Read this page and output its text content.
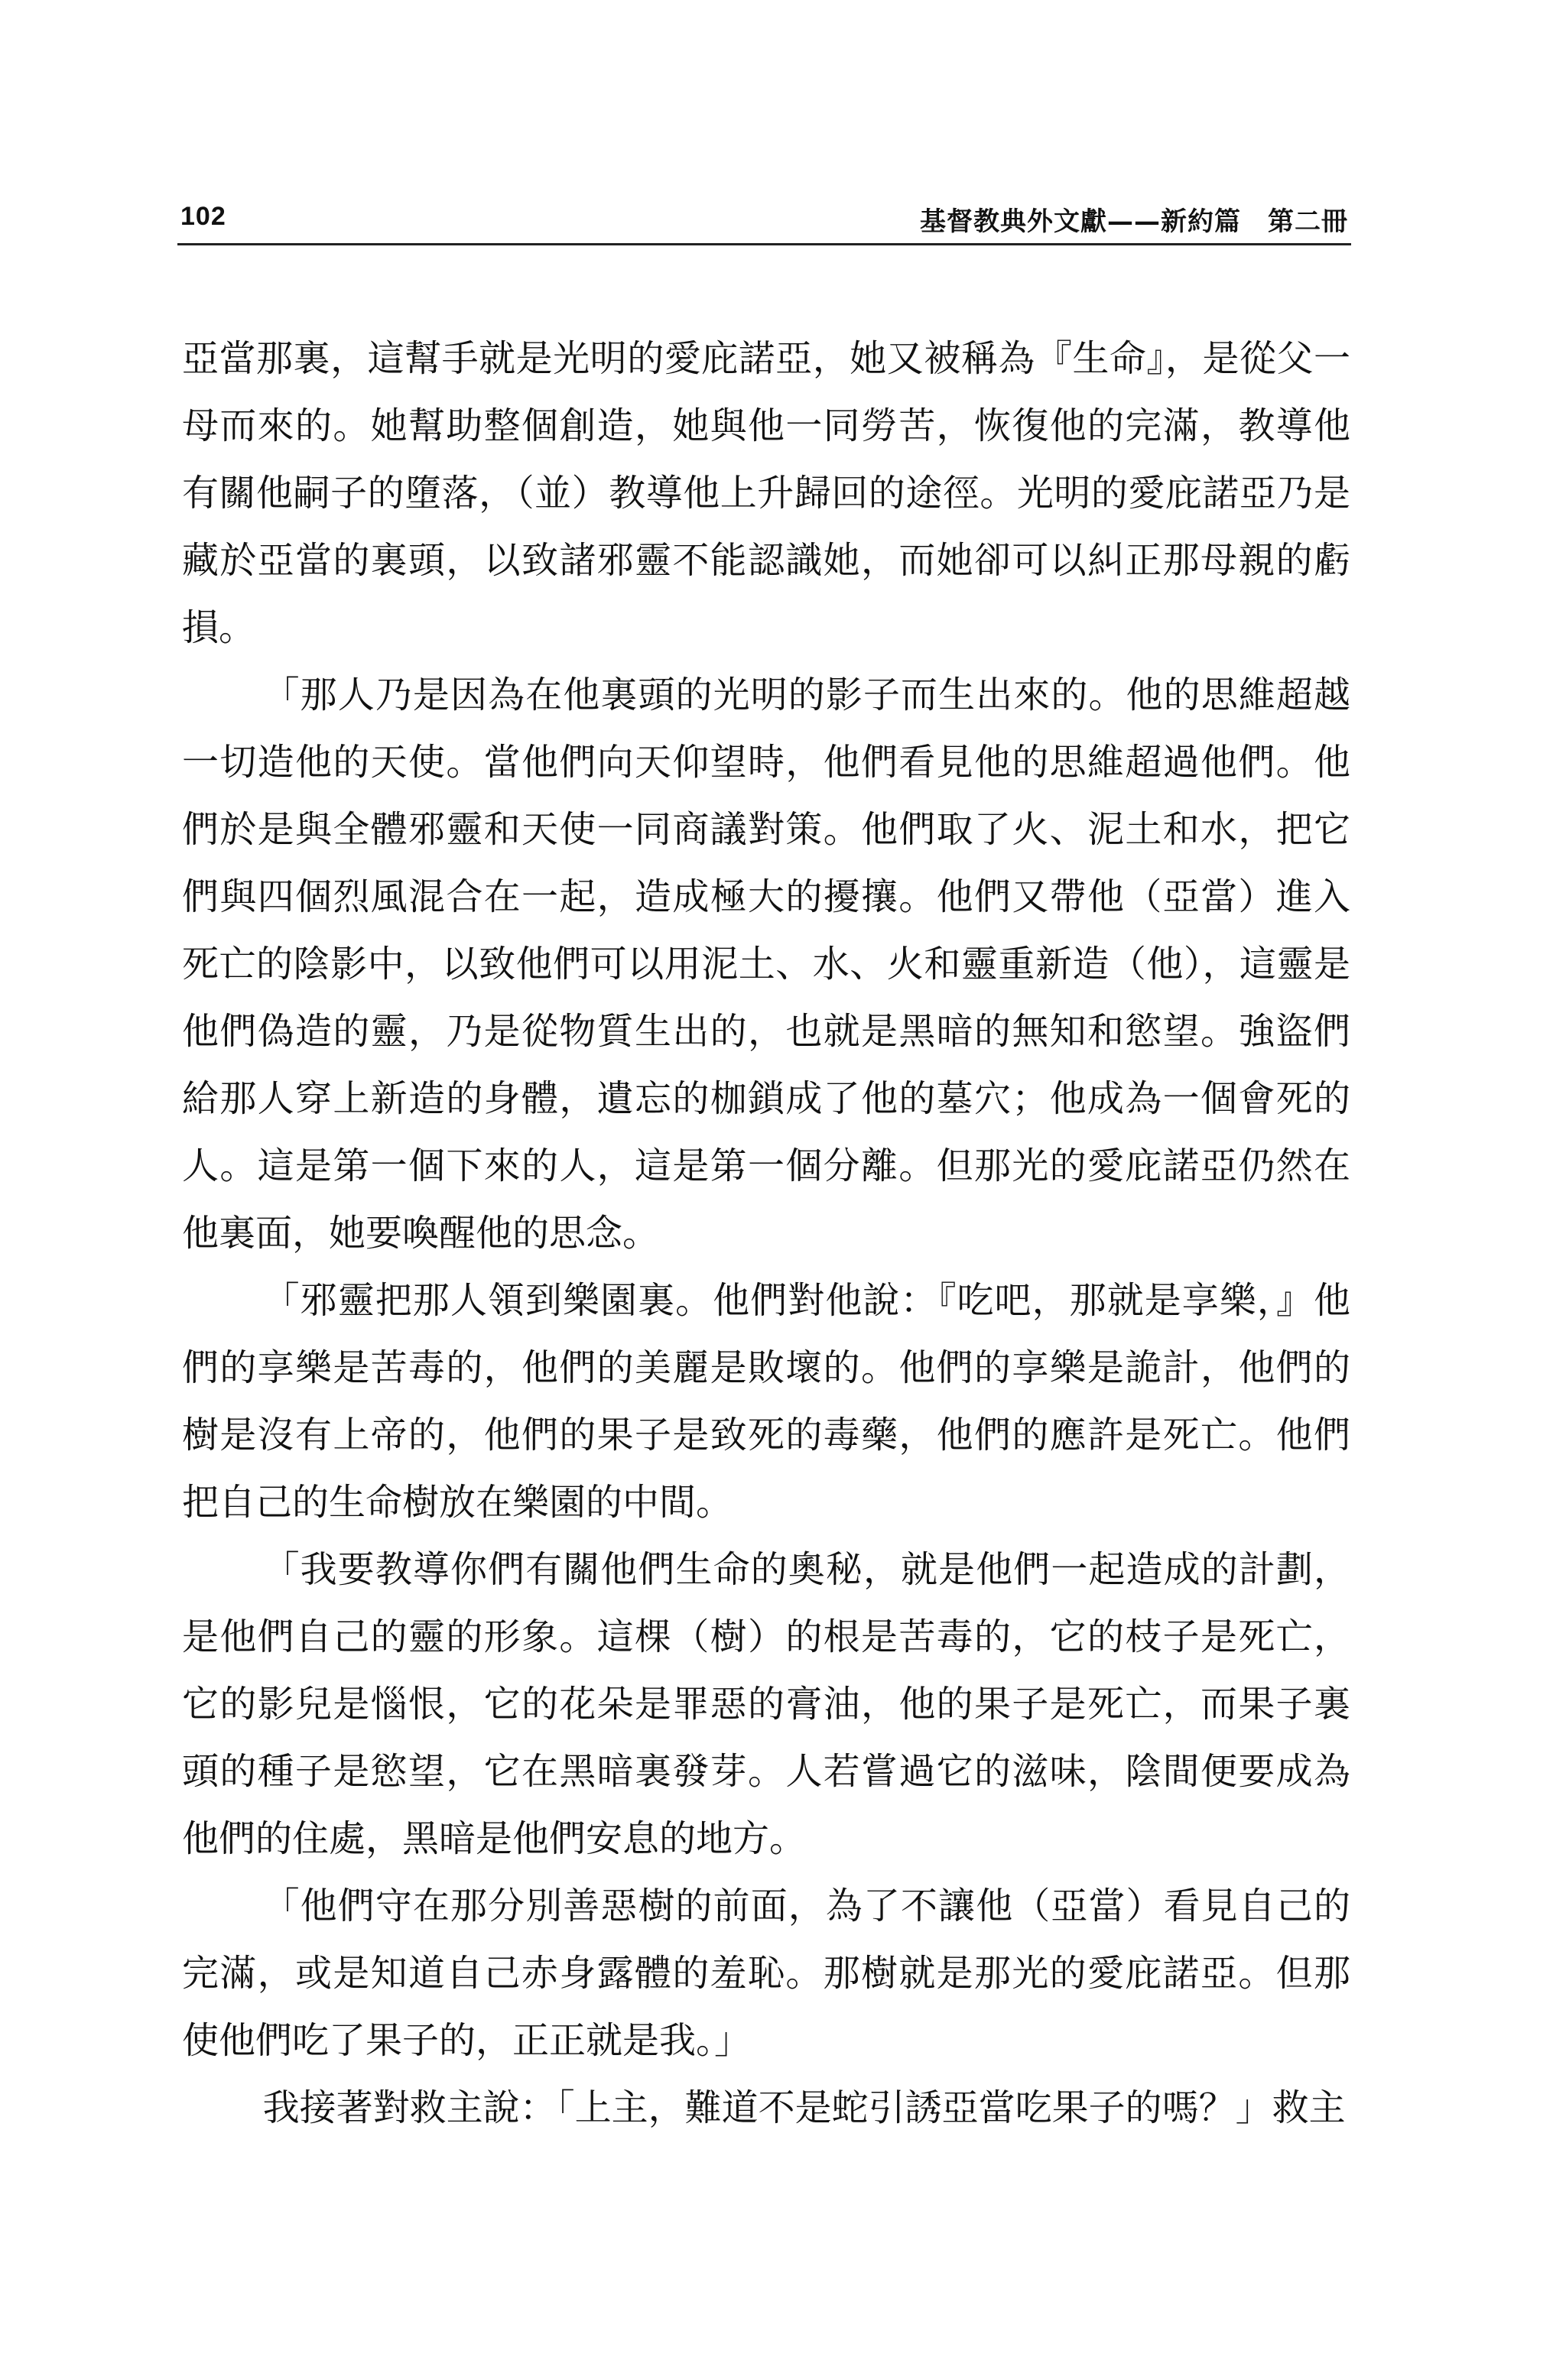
102	基督教典外文獻——新約篇　第二冊

亞當那裏，這幫手就是光明的愛庇諾亞，她又被稱為『生命』，是從父一母而來的。她幫助整個創造，她與他一同勞苦，恢復他的完滿，教導他有關他嗣子的墮落，（並）教導他上升歸回的途徑。光明的愛庇諾亞乃是藏於亞當的裏頭，以致諸邪靈不能認識她，而她卻可以糾正那母親的虧損。

「那人乃是因為在他裏頭的光明的影子而生出來的。他的思維超越一切造他的天使。當他們向天仰望時，他們看見他的思維超過他們。他們於是與全體邪靈和天使一同商議對策。他們取了火、泥土和水，把它們與四個烈風混合在一起，造成極大的擾攘。他們又帶他（亞當）進入死亡的陰影中，以致他們可以用泥土、水、火和靈重新造（他），這靈是他們偽造的靈，乃是從物質生出的，也就是黑暗的無知和慾望。強盜們給那人穿上新造的身體，遺忘的枷鎖成了他的墓穴；他成為一個會死的人。這是第一個下來的人，這是第一個分離。但那光的愛庇諾亞仍然在他裏面，她要喚醒他的思念。

「邪靈把那人領到樂園裏。他們對他說：『吃吧，那就是享樂，』他們的享樂是苦毒的，他們的美麗是敗壞的。他們的享樂是詭計，他們的樹是沒有上帝的，他們的果子是致死的毒藥，他們的應許是死亡。他們把自己的生命樹放在樂園的中間。

「我要教導你們有關他們生命的奧秘，就是他們一起造成的計劃，是他們自己的靈的形象。這棵（樹）的根是苦毒的，它的枝子是死亡，它的影兒是惱恨，它的花朵是罪惡的膏油，他的果子是死亡，而果子裏頭的種子是慾望，它在黑暗裏發芽。人若嘗過它的滋味，陰間便要成為他們的住處，黑暗是他們安息的地方。

「他們守在那分別善惡樹的前面，為了不讓他（亞當）看見自己的完滿，或是知道自己赤身露體的羞恥。那樹就是那光的愛庇諾亞。但那使他們吃了果子的，正正就是我。」

我接著對救主說：「上主，難道不是蛇引誘亞當吃果子的嗎？」救主
